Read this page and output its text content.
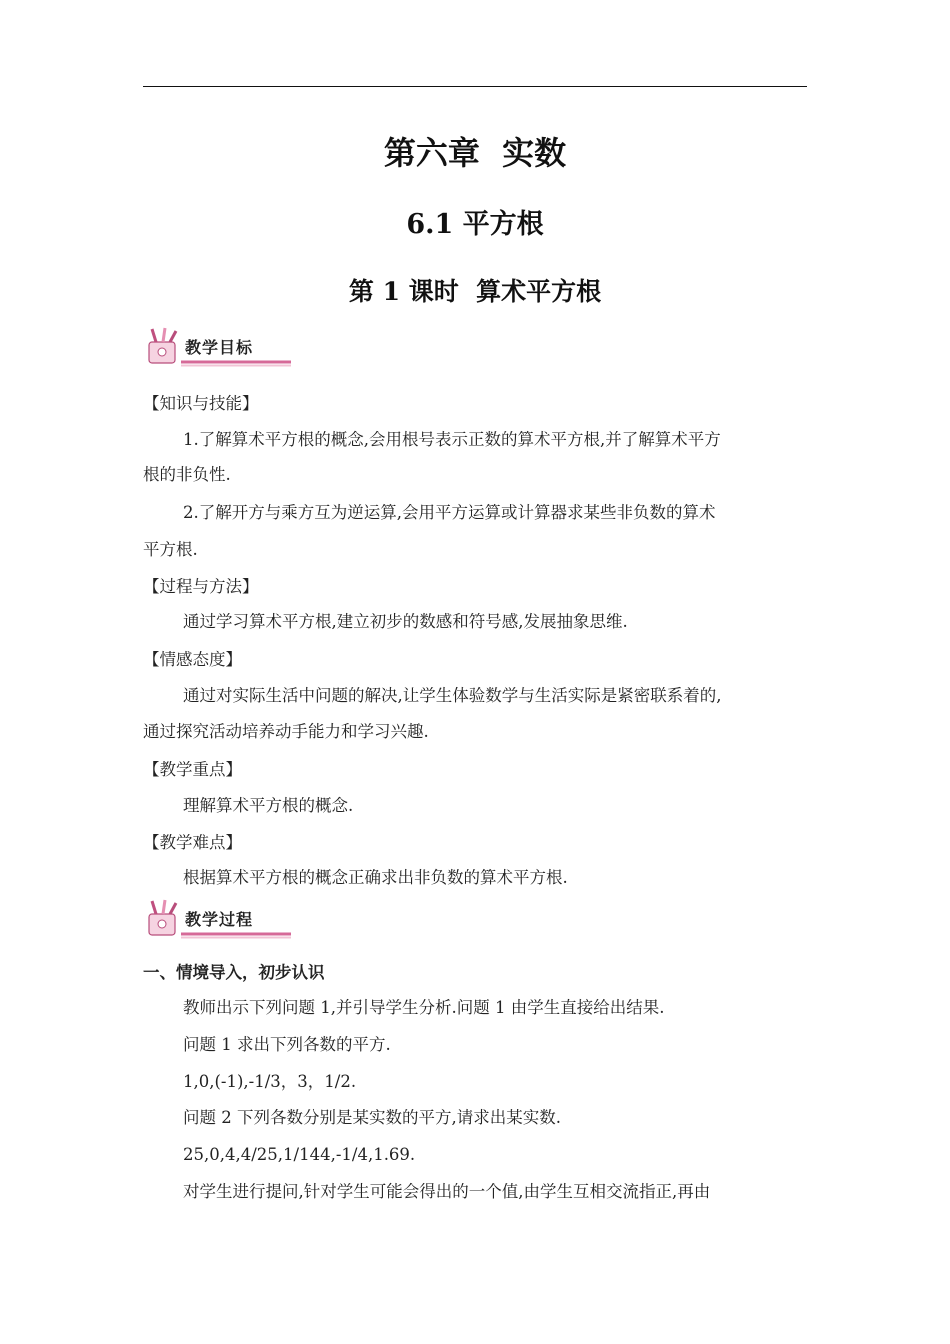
第六章  实数
6.1 平方根
第 1 课时  算术平方根
教学目标
【知识与技能】
1.了解算术平方根的概念,会用根号表示正数的算术平方根,并了解算术平方
根的非负性.
2.了解开方与乘方互为逆运算,会用平方运算或计算器求某些非负数的算术
平方根.
【过程与方法】
通过学习算术平方根,建立初步的数感和符号感,发展抽象思维.
【情感态度】
通过对实际生活中问题的解决,让学生体验数学与生活实际是紧密联系着的,
通过探究活动培养动手能力和学习兴趣.
【教学重点】
理解算术平方根的概念.
【教学难点】
根据算术平方根的概念正确求出非负数的算术平方根.
教学过程
一、情境导入，初步认识
教师出示下列问题 1,并引导学生分析.问题 1 由学生直接给出结果.
问题 1 求出下列各数的平方.
1,0,(-1),-1/3，3，1/2.
问题 2 下列各数分别是某实数的平方,请求出某实数.
25,0,4,4/25,1/144,-1/4,1.69.
对学生进行提问,针对学生可能会得出的一个值,由学生互相交流指正,再由
